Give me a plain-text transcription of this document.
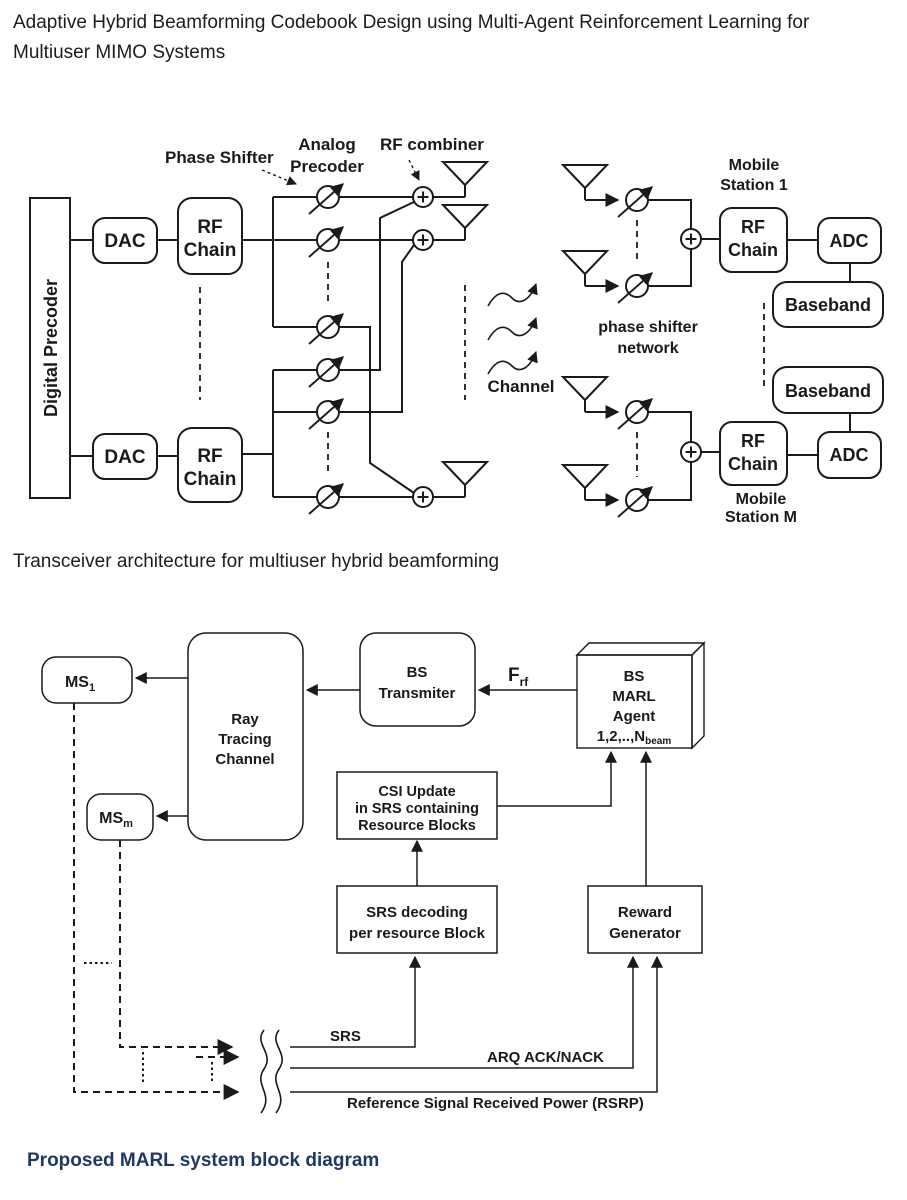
Adaptive Hybrid Beamforming Codebook Design using Multi-Agent Reinforcement Learning for
Multiuser MIMO Systems
Phase Shifter
Analog
Precoder
RF combiner
Digital Precoder
DAC
RF
Chain
DAC	RF
Chain
Channel
Mobile
Station 1
RF
Chain	ADC
Baseband
phase shifter
network
Baseband
RF
Chain	ADC
Mobile
Station M
Transceiver architecture for multiuser hybrid beamforming
$MS_1$
Ray
Tracing
Channel
BS
Transmiter
BS
MARL
Agent
$1,2,..,N_{beam}$
CSI Update
in SRS containing
Resource Blocks
$MS_m$
SRS decoding
per resource Block
Reward
Generator
$F_{rf}$
SRS
ARQ ACK/NACK
Reference Signal Received Power (RSRP)
Proposed MARL system block diagram
